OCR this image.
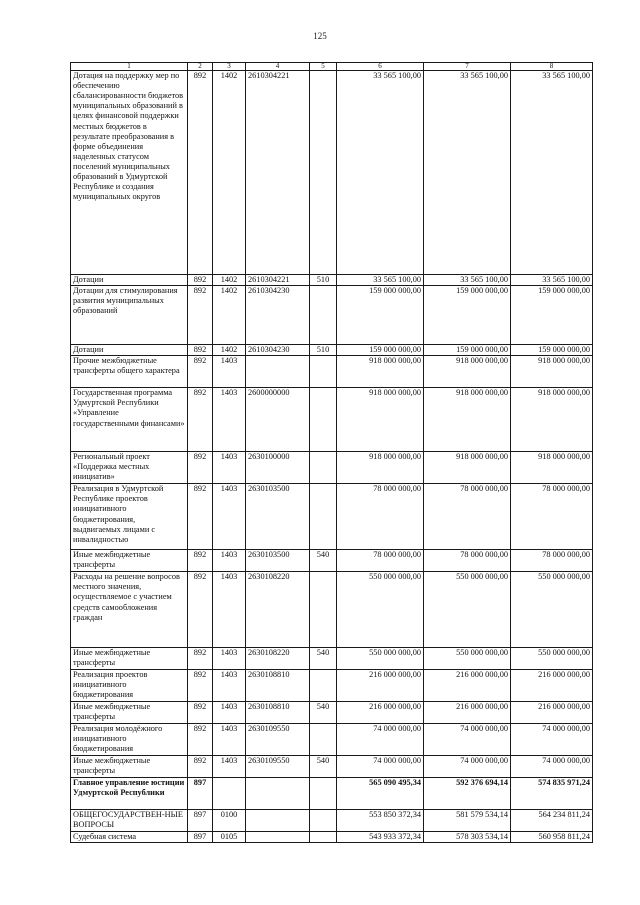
125
1	2	3	4	5	6	7	8
Дотация на поддержку мер по обеспечению сбалансированности бюджетов муниципальных образований в целях финансовой поддержки местных бюджетов в результате преобразования в форме объединения наделенных статусом поселений муниципальных образований в Удмуртской Республике и создания муниципальных округов	892	1402	2610304221		33 565 100,00	33 565 100,00	33 565 100,00
Дотации	892	1402	2610304221	510	33 565 100,00	33 565 100,00	33 565 100,00
Дотации для стимулирования развития муниципальных образований	892	1402	2610304230		159 000 000,00	159 000 000,00	159 000 000,00
Дотации	892	1402	2610304230	510	159 000 000,00	159 000 000,00	159 000 000,00
Прочие межбюджетные трансферты общего характера	892	1403			918 000 000,00	918 000 000,00	918 000 000,00
Государственная программа Удмуртской Республики «Управление государственными финансами»	892	1403	2600000000		918 000 000,00	918 000 000,00	918 000 000,00
Региональный проект «Поддержка местных инициатив»	892	1403	2630100000		918 000 000,00	918 000 000,00	918 000 000,00
Реализация в Удмуртской Республике проектов инициативного бюджетирования, выдвигаемых лицами с инвалидностью	892	1403	2630103500		78 000 000,00	78 000 000,00	78 000 000,00
Иные межбюджетные трансферты	892	1403	2630103500	540	78 000 000,00	78 000 000,00	78 000 000,00
Расходы на решение вопросов местного значения, осуществляемое с участием средств самообложения граждан	892	1403	2630108220		550 000 000,00	550 000 000,00	550 000 000,00
Иные межбюджетные трансферты	892	1403	2630108220	540	550 000 000,00	550 000 000,00	550 000 000,00
Реализация проектов инициативного бюджетирования	892	1403	2630108810		216 000 000,00	216 000 000,00	216 000 000,00
Иные межбюджетные трансферты	892	1403	2630108810	540	216 000 000,00	216 000 000,00	216 000 000,00
Реализация молодёжного инициативного бюджетирования	892	1403	2630109550		74 000 000,00	74 000 000,00	74 000 000,00
Иные межбюджетные трансферты	892	1403	2630109550	540	74 000 000,00	74 000 000,00	74 000 000,00
Главное управление юстиции Удмуртской Республики	897				565 090 495,34	592 376 694,14	574 835 971,24
ОБЩЕГОСУДАРСТВЕН-НЫЕ ВОПРОСЫ	897	0100			553 850 372,34	581 579 534,14	564 234 811,24
Судебная система	897	0105			543 933 372,34	578 303 534,14	560 958 811,24
